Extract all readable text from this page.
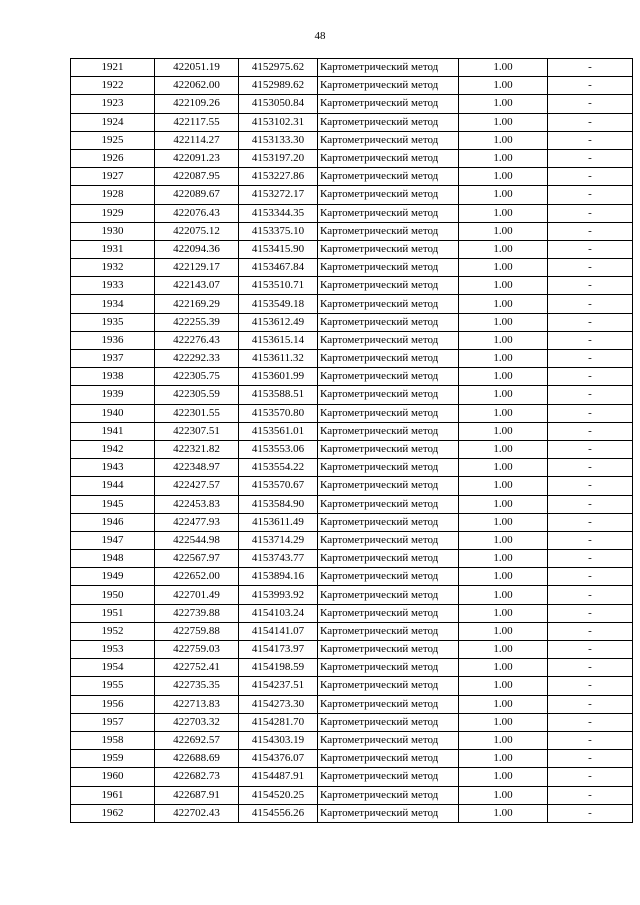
48
1921	422051.19	4152975.62	Картометрический метод	1.00	-
1922	422062.00	4152989.62	Картометрический метод	1.00	-
1923	422109.26	4153050.84	Картометрический метод	1.00	-
1924	422117.55	4153102.31	Картометрический метод	1.00	-
1925	422114.27	4153133.30	Картометрический метод	1.00	-
1926	422091.23	4153197.20	Картометрический метод	1.00	-
1927	422087.95	4153227.86	Картометрический метод	1.00	-
1928	422089.67	4153272.17	Картометрический метод	1.00	-
1929	422076.43	4153344.35	Картометрический метод	1.00	-
1930	422075.12	4153375.10	Картометрический метод	1.00	-
1931	422094.36	4153415.90	Картометрический метод	1.00	-
1932	422129.17	4153467.84	Картометрический метод	1.00	-
1933	422143.07	4153510.71	Картометрический метод	1.00	-
1934	422169.29	4153549.18	Картометрический метод	1.00	-
1935	422255.39	4153612.49	Картометрический метод	1.00	-
1936	422276.43	4153615.14	Картометрический метод	1.00	-
1937	422292.33	4153611.32	Картометрический метод	1.00	-
1938	422305.75	4153601.99	Картометрический метод	1.00	-
1939	422305.59	4153588.51	Картометрический метод	1.00	-
1940	422301.55	4153570.80	Картометрический метод	1.00	-
1941	422307.51	4153561.01	Картометрический метод	1.00	-
1942	422321.82	4153553.06	Картометрический метод	1.00	-
1943	422348.97	4153554.22	Картометрический метод	1.00	-
1944	422427.57	4153570.67	Картометрический метод	1.00	-
1945	422453.83	4153584.90	Картометрический метод	1.00	-
1946	422477.93	4153611.49	Картометрический метод	1.00	-
1947	422544.98	4153714.29	Картометрический метод	1.00	-
1948	422567.97	4153743.77	Картометрический метод	1.00	-
1949	422652.00	4153894.16	Картометрический метод	1.00	-
1950	422701.49	4153993.92	Картометрический метод	1.00	-
1951	422739.88	4154103.24	Картометрический метод	1.00	-
1952	422759.88	4154141.07	Картометрический метод	1.00	-
1953	422759.03	4154173.97	Картометрический метод	1.00	-
1954	422752.41	4154198.59	Картометрический метод	1.00	-
1955	422735.35	4154237.51	Картометрический метод	1.00	-
1956	422713.83	4154273.30	Картометрический метод	1.00	-
1957	422703.32	4154281.70	Картометрический метод	1.00	-
1958	422692.57	4154303.19	Картометрический метод	1.00	-
1959	422688.69	4154376.07	Картометрический метод	1.00	-
1960	422682.73	4154487.91	Картометрический метод	1.00	-
1961	422687.91	4154520.25	Картометрический метод	1.00	-
1962	422702.43	4154556.26	Картометрический метод	1.00	-
